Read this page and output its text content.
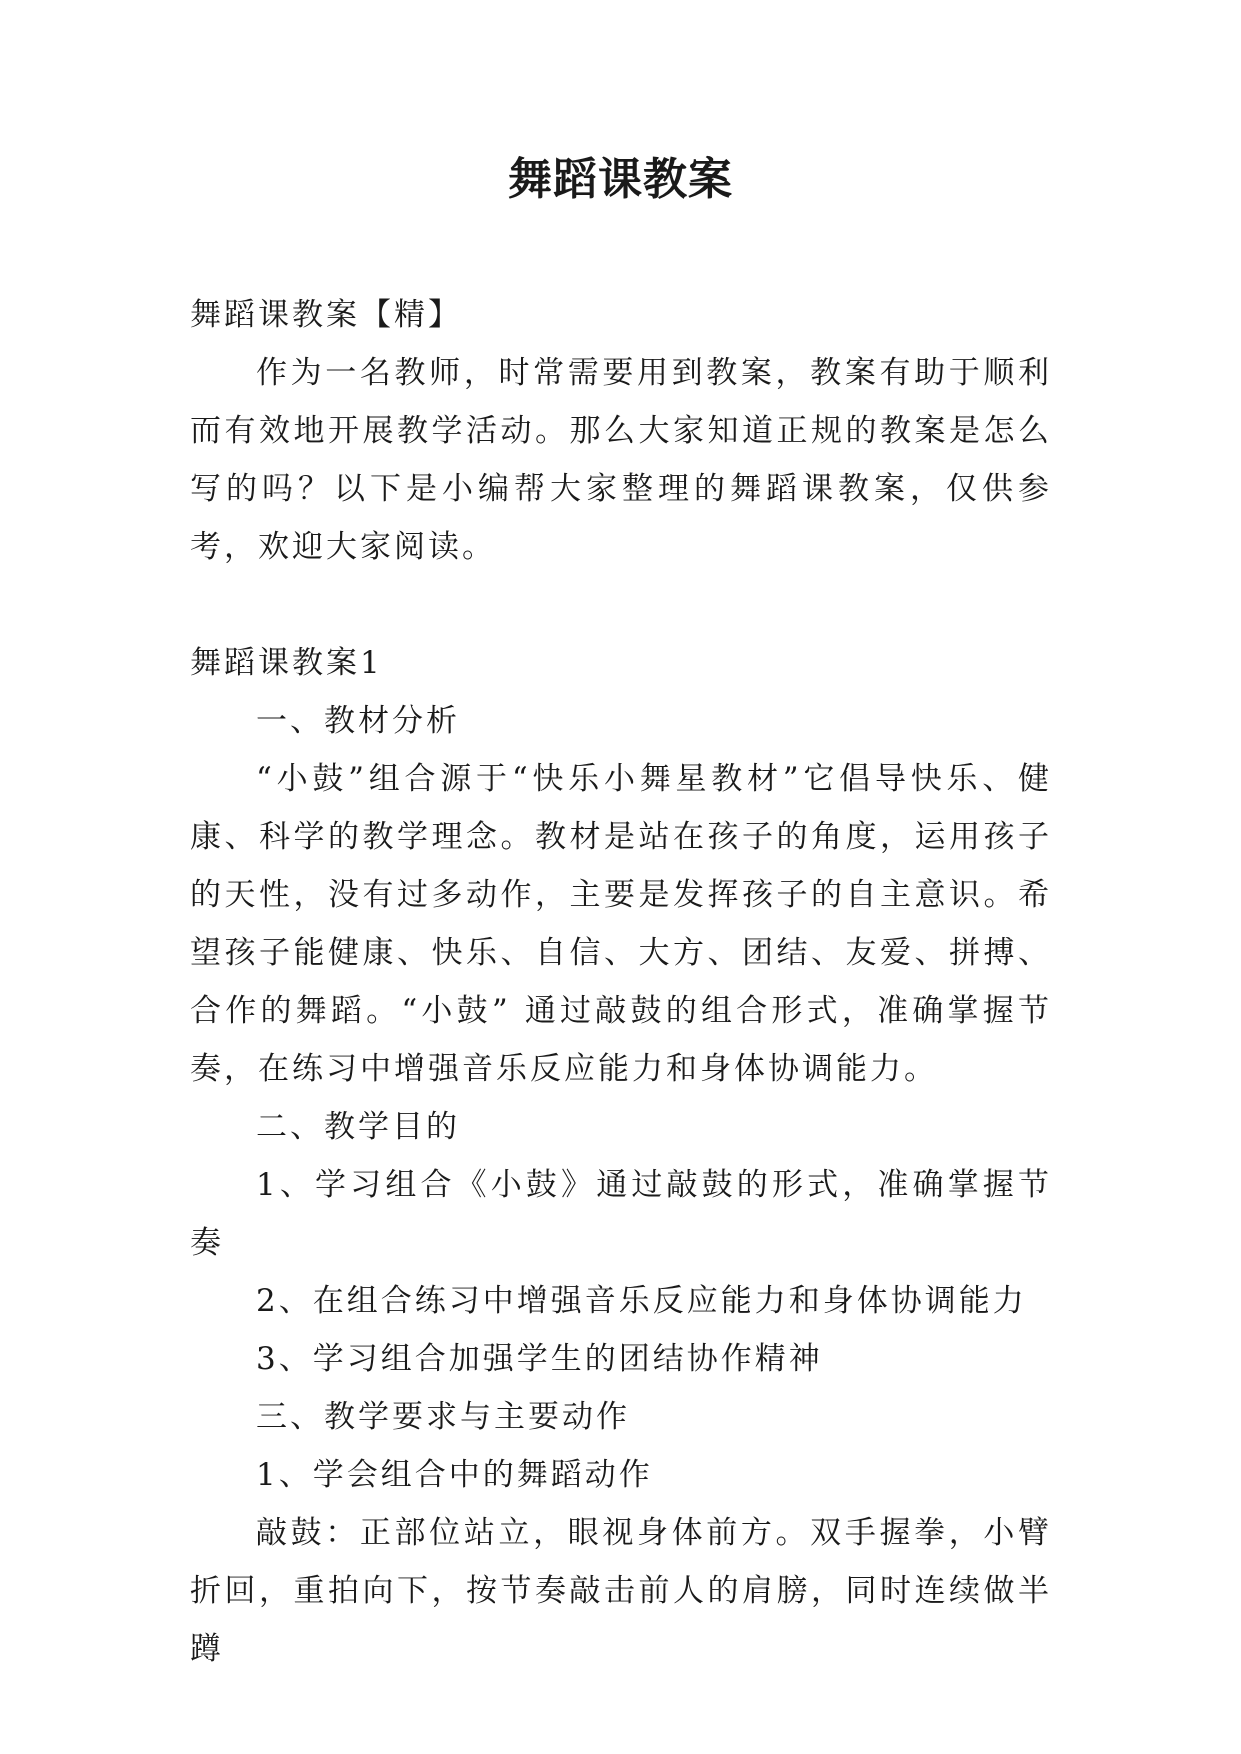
舞蹈课教案

舞蹈课教案【精】

作为一名教师，时常需要用到教案，教案有助于顺利而有效地开展教学活动。那么大家知道正规的教案是怎么写的吗？以下是小编帮大家整理的舞蹈课教案，仅供参考，欢迎大家阅读。

舞蹈课教案1

一、教材分析

“小鼓”组合源于“快乐小舞星教材”它倡导快乐、健康、科学的教学理念。教材是站在孩子的角度，运用孩子的天性，没有过多动作，主要是发挥孩子的自主意识。希望孩子能健康、快乐、自信、大方、团结、友爱、拼搏、合作的舞蹈。“小鼓” 通过敲鼓的组合形式，准确掌握节奏，在练习中增强音乐反应能力和身体协调能力。

二、教学目的

1、学习组合《小鼓》通过敲鼓的形式，准确掌握节奏

2、在组合练习中增强音乐反应能力和身体协调能力

3、学习组合加强学生的团结协作精神

三、教学要求与主要动作

1、学会组合中的舞蹈动作

敲鼓：正部位站立，眼视身体前方。双手握拳，小臂折回，重拍向下，按节奏敲击前人的肩膀，同时连续做半蹲
